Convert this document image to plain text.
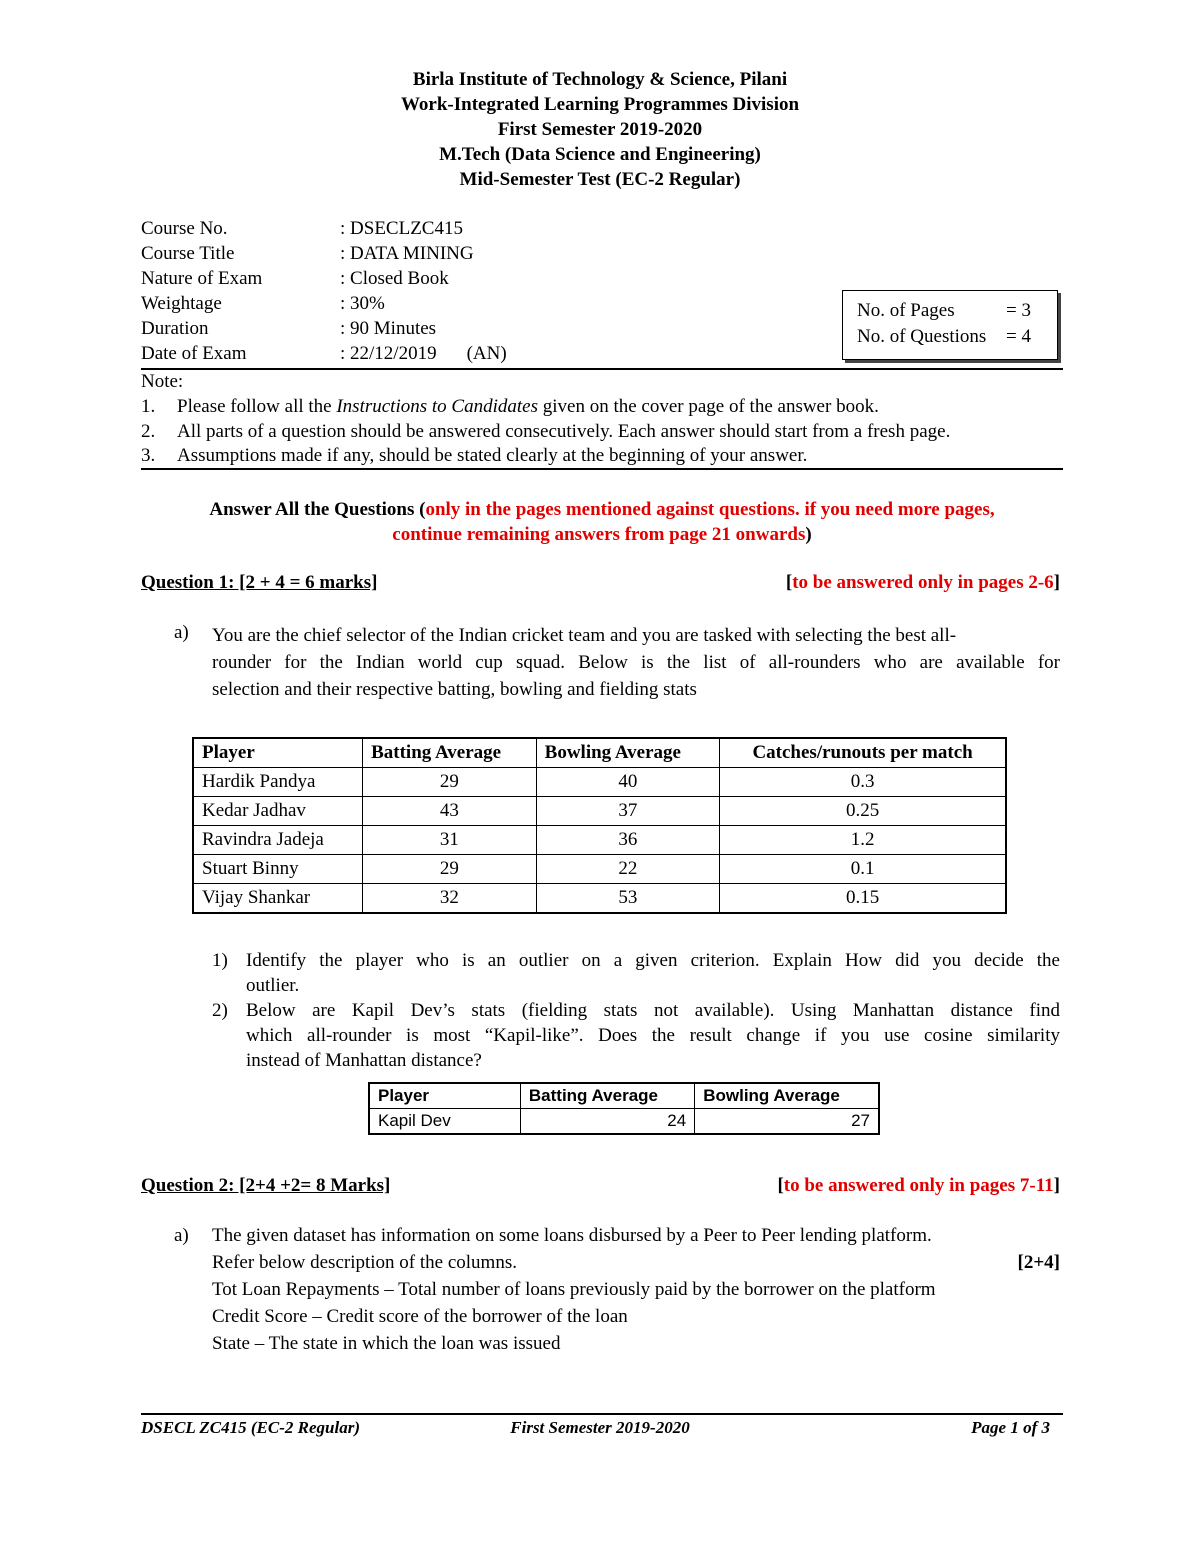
Birla Institute of Technology & Science, Pilani
Work-Integrated Learning Programmes Division
First Semester 2019-2020
M.Tech (Data Science and Engineering)
Mid-Semester Test (EC-2 Regular)
Course No.	: DSECLZC415
Course Title	: DATA MINING
Nature of Exam	: Closed Book
Weightage	: 30%
Duration	: 90 Minutes
Date of Exam	: 22/12/2019 (AN)
No. of Pages	= 3
No. of Questions = 4
Note:
1. Please follow all the Instructions to Candidates given on the cover page of the answer book.
2. All parts of a question should be answered consecutively. Each answer should start from a fresh page.
3. Assumptions made if any, should be stated clearly at the beginning of your answer.
Answer All the Questions (only in the pages mentioned against questions. if you need more pages,
continue remaining answers from page 21 onwards)
Question 1: [2 + 4 = 6 marks]	[to be answered only in pages 2-6]
a) You are the chief selector of the Indian cricket team and you are tasked with selecting the best all-
rounder for the Indian world cup squad. Below is the list of all-rounders who are available for
selection and their respective batting, bowling and fielding stats
Player	Batting Average	Bowling Average	Catches/runouts per match
Hardik Pandya	29	40	0.3
Kedar Jadhav	43	37	0.25
Ravindra Jadeja	31	36	1.2
Stuart Binny	29	22	0.1
Vijay Shankar	32	53	0.15
1) Identify the player who is an outlier on a given criterion. Explain How did you decide the
outlier.
2) Below are Kapil Dev’s stats (fielding stats not available). Using Manhattan distance find
which all-rounder is most “Kapil-like”. Does the result change if you use cosine similarity
instead of Manhattan distance?
Player	Batting Average	Bowling Average
Kapil Dev	24	27
Question 2: [2+4 +2= 8 Marks]	[to be answered only in pages 7-11]
a) The given dataset has information on some loans disbursed by a Peer to Peer lending platform.
Refer below description of the columns.	[2+4]
Tot Loan Repayments – Total number of loans previously paid by the borrower on the platform
Credit Score – Credit score of the borrower of the loan
State – The state in which the loan was issued
DSECL ZC415 (EC-2 Regular)	First Semester 2019-2020	Page 1 of 3
